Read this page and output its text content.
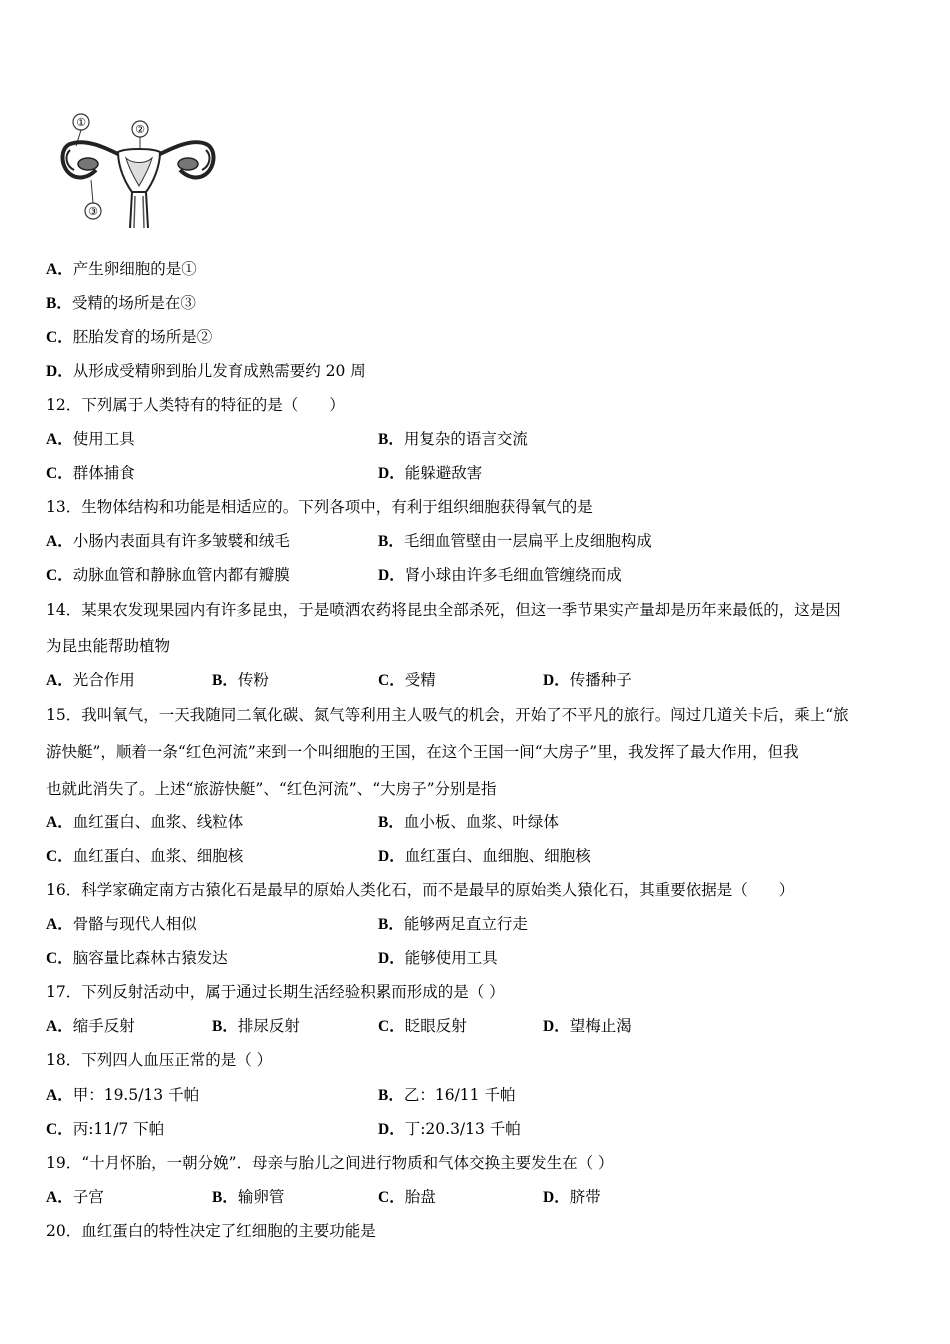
①
②
③
A．产生卵细胞的是①
B．受精的场所是在③
C．胚胎发育的场所是②
D．从形成受精卵到胎儿发育成熟需要约 20 周
12．下列属于人类特有的特征的是（　　）
A．使用工具	B．用复杂的语言交流
C．群体捕食	D．能躲避敌害
13．生物体结构和功能是相适应的。下列各项中，有利于组织细胞获得氧气的是
A．小肠内表面具有许多皱襞和绒毛	B．毛细血管壁由一层扁平上皮细胞构成
C．动脉血管和静脉血管内都有瓣膜	D．肾小球由许多毛细血管缠绕而成
14．某果农发现果园内有许多昆虫，于是喷洒农药将昆虫全部杀死，但这一季节果实产量却是历年来最低的，这是因
为昆虫能帮助植物
A．光合作用	B．传粉	C．受精	D．传播种子
15．我叫氧气，一天我随同二氧化碳、氮气等利用主人吸气的机会，开始了不平凡的旅行。闯过几道关卡后，乘上“旅
游快艇”，顺着一条“红色河流”来到一个叫细胞的王国，在这个王国一间“大房子”里，我发挥了最大作用，但我
也就此消失了。上述“旅游快艇”、“红色河流”、“大房子”分别是指
A．血红蛋白、血浆、线粒体	B．血小板、血浆、叶绿体
C．血红蛋白、血浆、细胞核	D．血红蛋白、血细胞、细胞核
16．科学家确定南方古猿化石是最早的原始人类化石，而不是最早的原始类人猿化石，其重要依据是（　　）
A．骨骼与现代人相似	B．能够两足直立行走
C．脑容量比森林古猿发达	D．能够使用工具
17．下列反射活动中，属于通过长期生活经验积累而形成的是（ ）
A．缩手反射	B．排尿反射	C．眨眼反射	D．望梅止渴
18．下列四人血压正常的是（ ）
A．甲：19.5/13 千帕	B．乙：16/11 千帕
C．丙:11/7 下帕	D．丁:20.3/13 千帕
19．“十月怀胎，一朝分娩”．母亲与胎儿之间进行物质和气体交换主要发生在（ ）
A．子宫	B．输卵管	C．胎盘	D．脐带
20．血红蛋白的特性决定了红细胞的主要功能是
